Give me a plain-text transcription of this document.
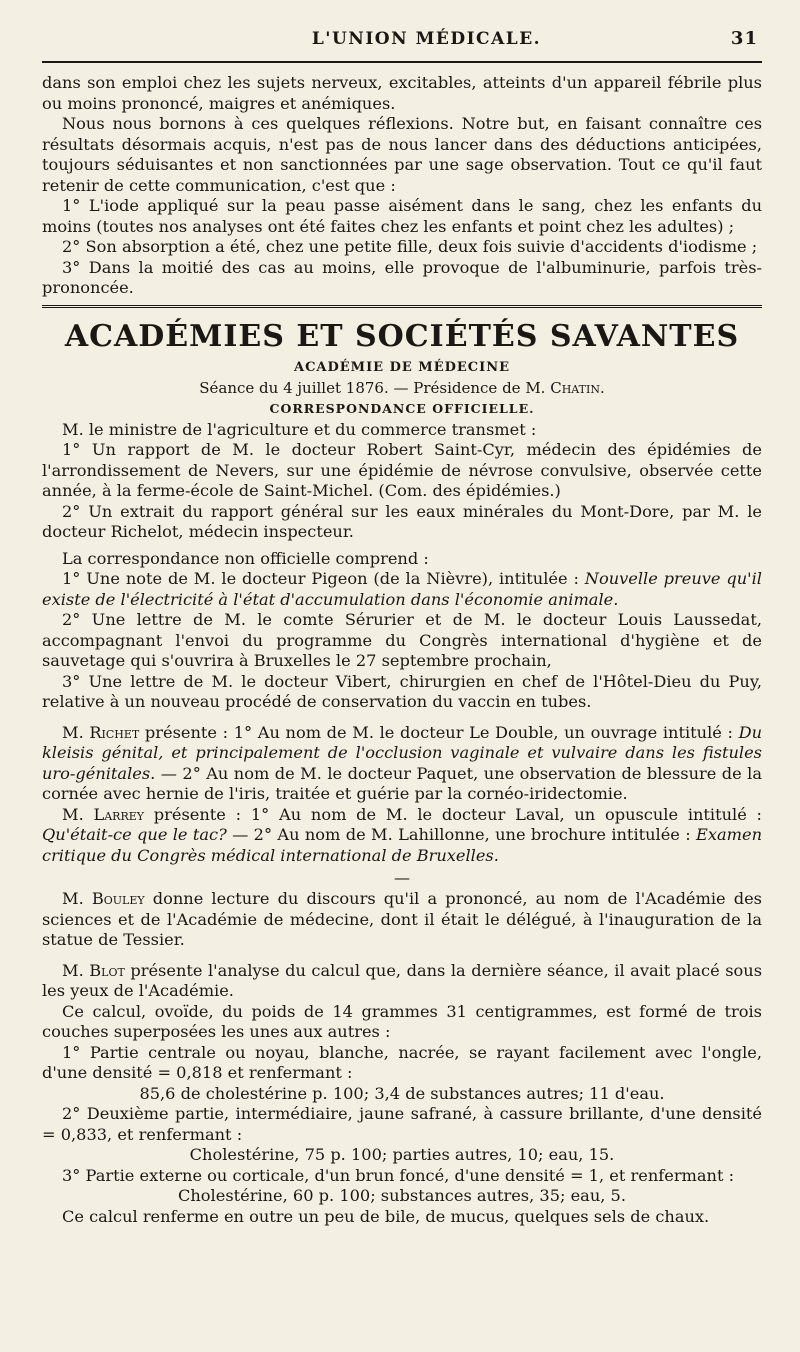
L'UNION MÉDICALE.	31

dans son emploi chez les sujets nerveux, excitables, atteints d'un appareil fébrile plus ou moins prononcé, maigres et anémiques.

Nous nous bornons à ces quelques réflexions. Notre but, en faisant connaître ces résultats désormais acquis, n'est pas de nous lancer dans des déductions anticipées, toujours séduisantes et non sanctionnées par une sage observation. Tout ce qu'il faut retenir de cette communication, c'est que :

1° L'iode appliqué sur la peau passe aisément dans le sang, chez les enfants du moins (toutes nos analyses ont été faites chez les enfants et point chez les adultes) ;

2° Son absorption a été, chez une petite fille, deux fois suivie d'accidents d'iodisme ;

3° Dans la moitié des cas au moins, elle provoque de l'albuminurie, parfois très-prononcée.

ACADÉMIES ET SOCIÉTÉS SAVANTES
ACADÉMIE DE MÉDECINE
Séance du 4 juillet 1876. — Présidence de M. Chatin.
CORRESPONDANCE OFFICIELLE.

M. le ministre de l'agriculture et du commerce transmet :

1° Un rapport de M. le docteur Robert Saint-Cyr, médecin des épidémies de l'arrondissement de Nevers, sur une épidémie de névrose convulsive, observée cette année, à la ferme-école de Saint-Michel. (Com. des épidémies.)

2° Un extrait du rapport général sur les eaux minérales du Mont-Dore, par M. le docteur Richelot, médecin inspecteur.

La correspondance non officielle comprend :

1° Une note de M. le docteur Pigeon (de la Nièvre), intitulée : Nouvelle preuve qu'il existe de l'électricité à l'état d'accumulation dans l'économie animale.

2° Une lettre de M. le comte Sérurier et de M. le docteur Louis Laussedat, accompagnant l'envoi du programme du Congrès international d'hygiène et de sauvetage qui s'ouvrira à Bruxelles le 27 septembre prochain,

3° Une lettre de M. le docteur Vibert, chirurgien en chef de l'Hôtel-Dieu du Puy, relative à un nouveau procédé de conservation du vaccin en tubes.

M. Richet présente : 1° Au nom de M. le docteur Le Double, un ouvrage intitulé : Du kleisis génital, et principalement de l'occlusion vaginale et vulvaire dans les fistules uro-génitales. — 2° Au nom de M. le docteur Paquet, une observation de blessure de la cornée avec hernie de l'iris, traitée et guérie par la cornéo-iridectomie.

M. Larrey présente : 1° Au nom de M. le docteur Laval, un opuscule intitulé : Qu'était-ce que le tac? — 2° Au nom de M. Lahillonne, une brochure intitulée : Examen critique du Congrès médical international de Bruxelles.

—

M. Bouley donne lecture du discours qu'il a prononcé, au nom de l'Académie des sciences et de l'Académie de médecine, dont il était le délégué, à l'inauguration de la statue de Tessier.

M. Blot présente l'analyse du calcul que, dans la dernière séance, il avait placé sous les yeux de l'Académie.

Ce calcul, ovoïde, du poids de 14 grammes 31 centigrammes, est formé de trois couches superposées les unes aux autres :

1° Partie centrale ou noyau, blanche, nacrée, se rayant facilement avec l'ongle, d'une densité = 0,818 et renfermant :

85,6 de cholestérine p. 100; 3,4 de substances autres; 11 d'eau.

2° Deuxième partie, intermédiaire, jaune safrané, à cassure brillante, d'une densité = 0,833, et renfermant :

Cholestérine, 75 p. 100; parties autres, 10; eau, 15.

3° Partie externe ou corticale, d'un brun foncé, d'une densité = 1, et renfermant :

Cholestérine, 60 p. 100; substances autres, 35; eau, 5.

Ce calcul renferme en outre un peu de bile, de mucus, quelques sels de chaux.
